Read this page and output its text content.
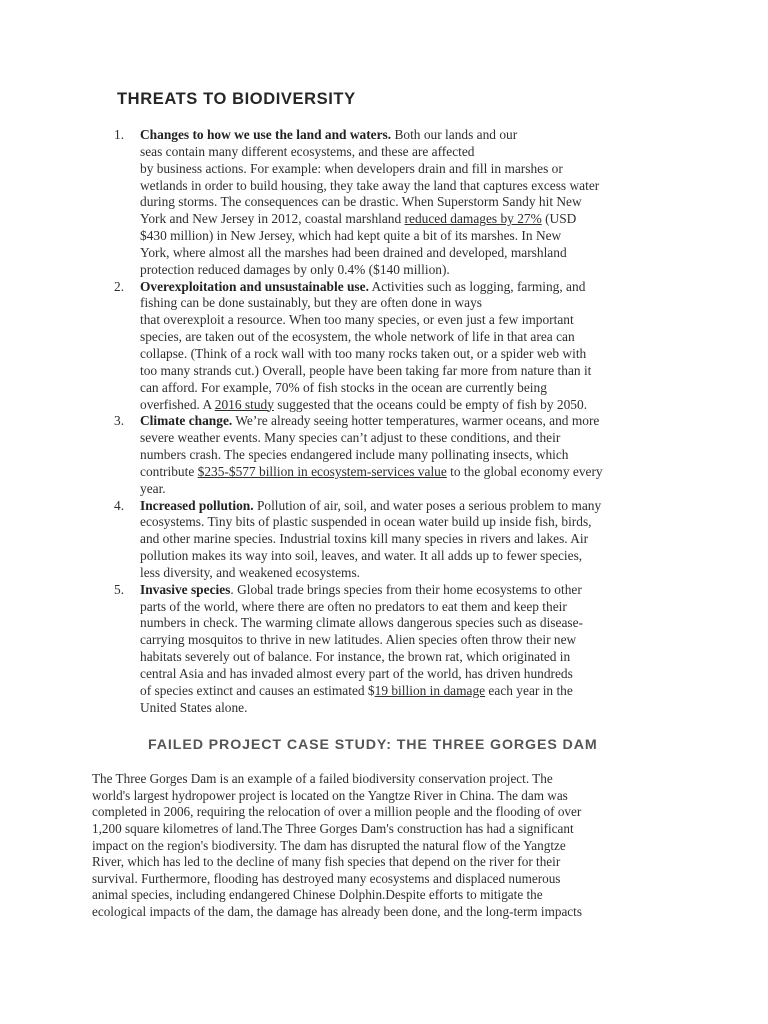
THREATS TO BIODIVERSITY
1. Changes to how we use the land and waters. Both our lands and our
seas contain many different ecosystems, and these are affected
by business actions. For example: when developers drain and fill in marshes or
wetlands in order to build housing, they take away the land that captures excess water
during storms. The consequences can be drastic. When Superstorm Sandy hit New
York and New Jersey in 2012, coastal marshland reduced damages by 27% (USD
$430 million) in New Jersey, which had kept quite a bit of its marshes. In New
York, where almost all the marshes had been drained and developed, marshland
protection reduced damages by only 0.4% ($140 million).
2. Overexploitation and unsustainable use. Activities such as logging, farming, and
fishing can be done sustainably, but they are often done in ways
that overexploit a resource. When too many species, or even just a few important
species, are taken out of the ecosystem, the whole network of life in that area can
collapse. (Think of a rock wall with too many rocks taken out, or a spider web with
too many strands cut.) Overall, people have been taking far more from nature than it
can afford. For example, 70% of fish stocks in the ocean are currently being
overfished. A 2016 study suggested that the oceans could be empty of fish by 2050.
3. Climate change. We’re already seeing hotter temperatures, warmer oceans, and more
severe weather events. Many species can’t adjust to these conditions, and their
numbers crash. The species endangered include many pollinating insects, which
contribute $235-$577 billion in ecosystem-services value to the global economy every
year.
4. Increased pollution. Pollution of air, soil, and water poses a serious problem to many
ecosystems. Tiny bits of plastic suspended in ocean water build up inside fish, birds,
and other marine species. Industrial toxins kill many species in rivers and lakes. Air
pollution makes its way into soil, leaves, and water. It all adds up to fewer species,
less diversity, and weakened ecosystems.
5. Invasive species. Global trade brings species from their home ecosystems to other
parts of the world, where there are often no predators to eat them and keep their
numbers in check. The warming climate allows dangerous species such as disease-
carrying mosquitos to thrive in new latitudes. Alien species often throw their new
habitats severely out of balance. For instance, the brown rat, which originated in
central Asia and has invaded almost every part of the world, has driven hundreds
of species extinct and causes an estimated $19 billion in damage each year in the
United States alone.
FAILED PROJECT CASE STUDY: THE THREE GORGES DAM
The Three Gorges Dam is an example of a failed biodiversity conservation project. The
world's largest hydropower project is located on the Yangtze River in China. The dam was
completed in 2006, requiring the relocation of over a million people and the flooding of over
1,200 square kilometres of land.The Three Gorges Dam's construction has had a significant
impact on the region's biodiversity. The dam has disrupted the natural flow of the Yangtze
River, which has led to the decline of many fish species that depend on the river for their
survival. Furthermore, flooding has destroyed many ecosystems and displaced numerous
animal species, including endangered Chinese Dolphin.Despite efforts to mitigate the
ecological impacts of the dam, the damage has already been done, and the long-term impacts
